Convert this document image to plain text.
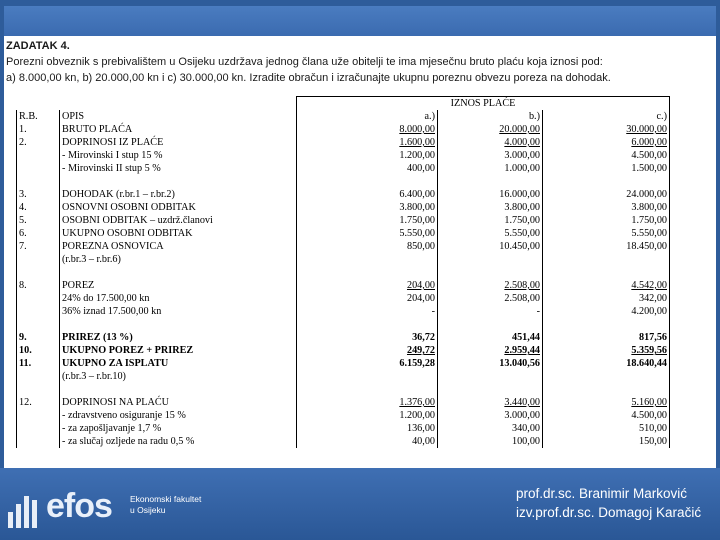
ZADATAK 4.
Porezni obveznik s prebivalištem u Osijeku uzdržava jednog člana uže obitelji te ima mjesečnu bruto plaću koja iznosi pod:
a) 8.000,00 kn, b) 20.000,00 kn i c) 30.000,00 kn. Izradite obračun i izračunajte ukupnu poreznu obvezu poreza na dohodak.
		IZNOS PLAĆE		
R.B.	OPIS	a.)	b.)	c.)
1.	BRUTO PLAĆA	8.000,00	20.000,00	30.000,00
2.	DOPRINOSI IZ PLAĆE	1.600,00	4.000,00	6.000,00
	- Mirovinski I stup 15 %	1.200,00	3.000,00	4.500,00
	- Mirovinski II stup 5 %	400,00	1.000,00	1.500,00

3.	DOHODAK (r.br.1 – r.br.2)	6.400,00	16.000,00	24.000,00
4.	OSNOVNI OSOBNI ODBITAK	3.800,00	3.800,00	3.800,00
5.	OSOBNI ODBITAK – uzdrž.članovi	1.750,00	1.750,00	1.750,00
6.	UKUPNO OSOBNI ODBITAK	5.550,00	5.550,00	5.550,00
7.	POREZNA OSNOVICA	850,00	10.450,00	18.450,00
	(r.br.3 – r.br.6)			

8.	POREZ	204,00	2.508,00	4.542,00
	24% do 17.500,00 kn	204,00	2.508,00	342,00
	36% iznad 17.500,00 kn	-	-	4.200,00

9.	PRIREZ (13 %)	36,72	451,44	817,56
10.	UKUPNO POREZ + PRIREZ	249,72	2.959,44	5.359,56
11.	UKUPNO ZA ISPLATU	6.159,28	13.040,56	18.640,44
	(r.br.3 – r.br.10)			

12.	DOPRINOSI NA PLAĆU	1.376,00	3.440,00	5.160,00
	- zdravstveno osiguranje 15 %	1.200,00	3.000,00	4.500,00
	- za zapošljavanje 1,7 %	136,00	340,00	510,00
	- za slučaj ozljede na radu 0,5 %	40,00	100,00	150,00
efos Ekonomski fakultet
u Osijeku
prof.dr.sc. Branimir Marković
izv.prof.dr.sc. Domagoj Karačić
